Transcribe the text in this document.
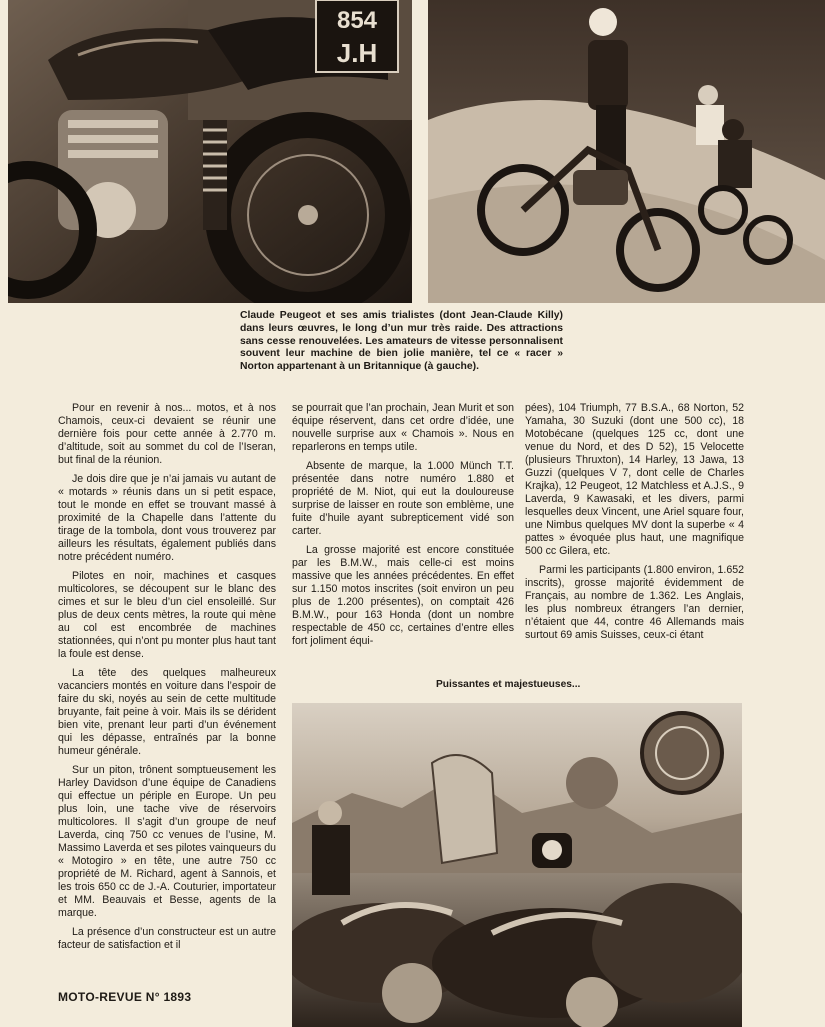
854
J.H

Claude Peugeot et ses amis trialistes (dont Jean-Claude Killy) dans leurs œuvres, le long d’un mur très raide. Des attractions sans cesse renouvelées. Les amateurs de vitesse personnalisent souvent leur machine de bien jolie manière, tel ce « racer » Norton appartenant à un Britannique (à gauche).

Pour en revenir à nos... motos, et à nos Chamois, ceux-ci devaient se réunir une dernière fois pour cette année à 2.770 m. d’altitude, soit au sommet du col de l’Iseran, but final de la réunion.

Je dois dire que je n’ai jamais vu autant de « motards » réunis dans un si petit espace, tout le monde en effet se trouvant massé à proximité de la Chapelle dans l’attente du tirage de la tombola, dont vous trouverez par ailleurs les résultats, également publiés dans notre précédent numéro.

Pilotes en noir, machines et casques multicolores, se découpent sur le blanc des cimes et sur le bleu d’un ciel ensoleillé. Sur plus de deux cents mètres, la route qui mène au col est encombrée de machines stationnées, qui n’ont pu monter plus haut tant la foule est dense.

La tête des quelques malheureux vacanciers montés en voiture dans l’espoir de faire du ski, noyés au sein de cette multitude bruyante, fait peine à voir. Mais ils se dérident bien vite, prenant leur parti d’un événement qui les dépasse, entraînés par la bonne humeur générale.

Sur un piton, trônent somptueusement les Harley Davidson d’une équipe de Canadiens qui effectue un périple en Europe. Un peu plus loin, une tache vive de réservoirs multicolores. Il s’agit d’un groupe de neuf Laverda, cinq 750 cc venues de l’usine, M. Massimo Laverda et ses pilotes vainqueurs du « Motogiro » en tête, une autre 750 cc propriété de M. Richard, agent à Sannois, et les trois 650 cc de J.-A. Couturier, importateur et MM. Beauvais et Besse, agents de la marque.

La présence d’un constructeur est un autre facteur de satisfaction et il

se pourrait que l’an prochain, Jean Murit et son équipe réservent, dans cet ordre d’idée, une nouvelle surprise aux « Chamois ». Nous en reparlerons en temps utile.

Absente de marque, la 1.000 Münch T.T. présentée dans notre numéro 1.880 et propriété de M. Niot, qui eut la douloureuse surprise de laisser en route son emblème, une fuite d’huile ayant subrepticement vidé son carter.

La grosse majorité est encore constituée par les B.M.W., mais celle-ci est moins massive que les années précédentes. En effet sur 1.150 motos inscrites (soit environ un peu plus de 1.200 présentes), on comptait 426 B.M.W., pour 163 Honda (dont un nombre respectable de 450 cc, certaines d’entre elles fort joliment équi-

pées), 104 Triumph, 77 B.S.A., 68 Norton, 52 Yamaha, 30 Suzuki (dont une 500 cc), 18 Motobécane (quelques 125 cc, dont une venue du Nord, et des D 52), 15 Velocette (plusieurs Thruxton), 14 Harley, 13 Jawa, 13 Guzzi (quelques V 7, dont celle de Charles Krajka), 12 Peugeot, 12 Matchless et A.J.S., 9 Laverda, 9 Kawasaki, et les divers, parmi lesquelles deux Vincent, une Ariel square four, une Nimbus quelques MV dont la superbe « 4 pattes » évoquée plus haut, une magnifique 500 cc Gilera, etc.

Parmi les participants (1.800 environ, 1.652 inscrits), grosse majorité évidemment de Français, au nombre de 1.362. Les Anglais, les plus nombreux étrangers l’an dernier, n’étaient que 44, contre 46 Allemands mais surtout 69 amis Suisses, ceux-ci étant

Puissantes et majestueuses...

MOTO-REVUE N° 1893
